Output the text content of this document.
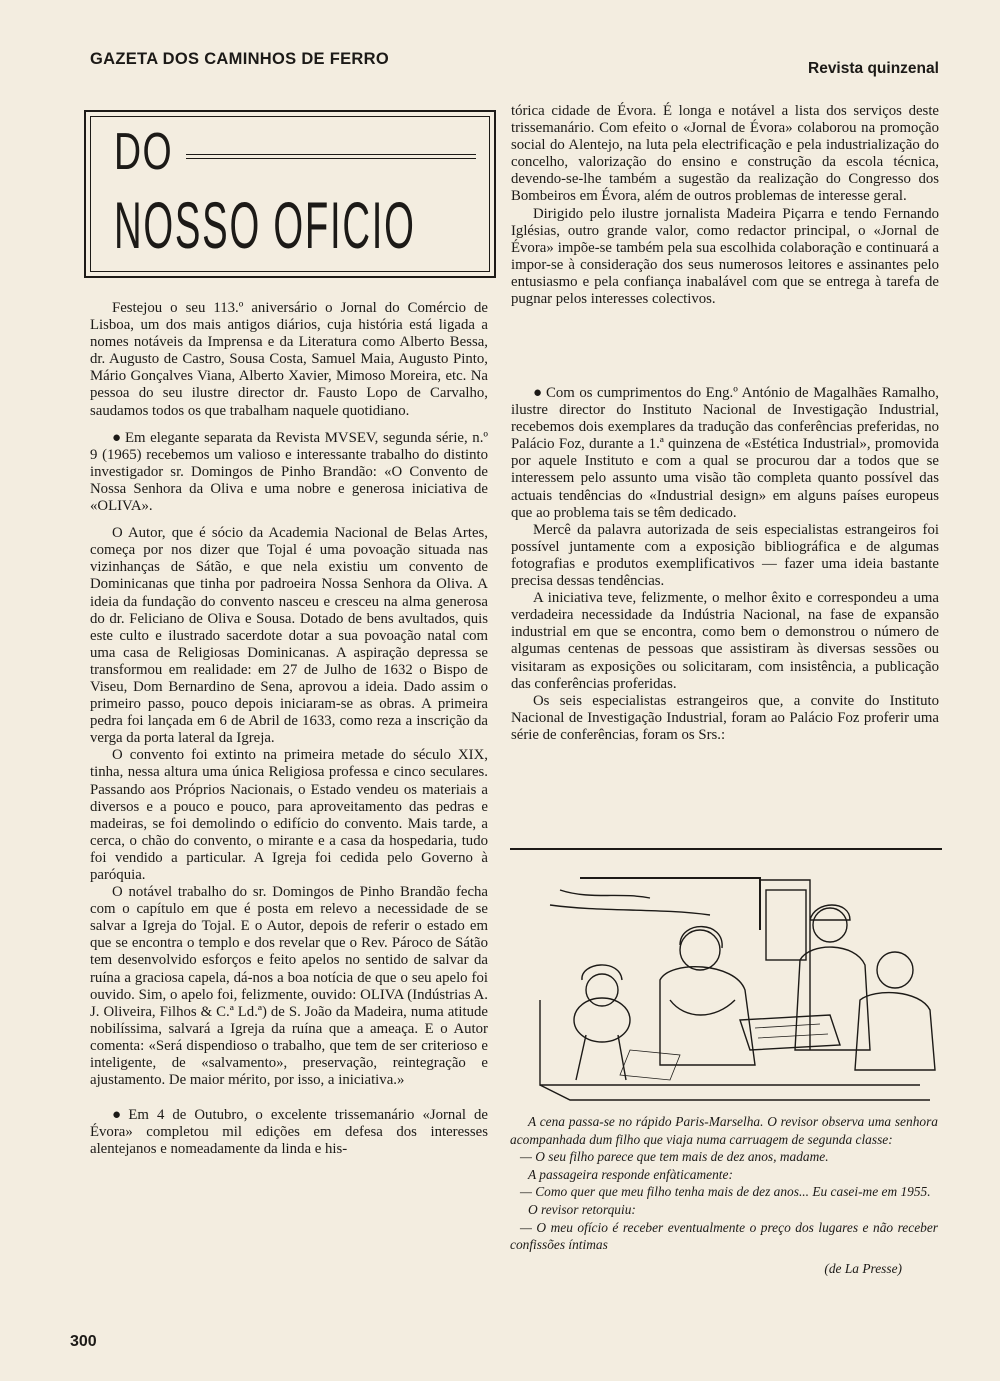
GAZETA DOS CAMINHOS DE FERRO
Revista quinzenal
DO
NOSSO OFICIO

Festejou o seu 113.º aniversário o Jornal do Comércio de Lisboa, um dos mais antigos diários, cuja história está ligada a nomes notáveis da Imprensa e da Literatura como Alberto Bessa, dr. Augusto de Castro, Sousa Costa, Samuel Maia, Augusto Pinto, Mário Gonçalves Viana, Alberto Xavier, Mimoso Moreira, etc. Na pessoa do seu ilustre director dr. Fausto Lopo de Carvalho, saudamos todos os que trabalham naquele quotidiano.

● Em elegante separata da Revista MVSEV, segunda série, n.º 9 (1965) recebemos um valioso e interessante trabalho do distinto investigador sr. Domingos de Pinho Brandão: «O Convento de Nossa Senhora da Oliva e uma nobre e generosa iniciativa de «OLIVA».

O Autor, que é sócio da Academia Nacional de Belas Artes, começa por nos dizer que Tojal é uma povoação situada nas vizinhanças de Sátão, e que nela existiu um convento de Dominicanas que tinha por padroeira Nossa Senhora da Oliva. A ideia da fundação do convento nasceu e cresceu na alma generosa do dr. Feliciano de Oliva e Sousa. Dotado de bens avultados, quis este culto e ilustrado sacerdote dotar a sua povoação natal com uma casa de Religiosas Dominicanas. A aspiração depressa se transformou em realidade: em 27 de Julho de 1632 o Bispo de Viseu, Dom Bernardino de Sena, aprovou a ideia. Dado assim o primeiro passo, pouco depois iniciaram-se as obras. A primeira pedra foi lançada em 6 de Abril de 1633, como reza a inscrição da verga da porta lateral da Igreja.

O convento foi extinto na primeira metade do século XIX, tinha, nessa altura uma única Religiosa professa e cinco seculares. Passando aos Próprios Nacionais, o Estado vendeu os materiais a diversos e a pouco e pouco, para aproveitamento das pedras e madeiras, se foi demolindo o edifício do convento. Mais tarde, a cerca, o chão do convento, o mirante e a casa da hospedaria, tudo foi vendido a particular. A Igreja foi cedida pelo Governo à paróquia.

O notável trabalho do sr. Domingos de Pinho Brandão fecha com o capítulo em que é posta em relevo a necessidade de se salvar a Igreja do Tojal. E o Autor, depois de referir o estado em que se encontra o templo e dos revelar que o Rev. Pároco de Sátão tem desenvolvido esforços e feito apelos no sentido de salvar da ruína a graciosa capela, dá-nos a boa notícia de que o seu apelo foi ouvido. Sim, o apelo foi, felizmente, ouvido: OLIVA (Indústrias A. J. Oliveira, Filhos & C.ª Ld.ª) de S. João da Madeira, numa atitude nobilíssima, salvará a Igreja da ruína que a ameaça. E o Autor comenta: «Será dispendioso o trabalho, que tem de ser criterioso e inteligente, de «salvamento», preservação, reintegração e ajustamento. De maior mérito, por isso, a iniciativa.»

● Em 4 de Outubro, o excelente trissemanário «Jornal de Évora» completou mil edições em defesa dos interesses alentejanos e nomeadamente da linda e his-

tórica cidade de Évora. É longa e notável a lista dos serviços deste trissemanário. Com efeito o «Jornal de Évora» colaborou na promoção social do Alentejo, na luta pela electrificação e pela industrialização do concelho, valorização do ensino e construção da escola técnica, devendo-se-lhe também a sugestão da realização do Congresso dos Bombeiros em Évora, além de outros problemas de interesse geral.

Dirigido pelo ilustre jornalista Madeira Piçarra e tendo Fernando Iglésias, outro grande valor, como redactor principal, o «Jornal de Évora» impõe-se também pela sua escolhida colaboração e continuará a impor-se à consideração dos seus numerosos leitores e assinantes pelo entusiasmo e pela confiança inabalável com que se entrega à tarefa de pugnar pelos interesses colectivos.

● Com os cumprimentos do Eng.º António de Magalhães Ramalho, ilustre director do Instituto Nacional de Investigação Industrial, recebemos dois exemplares da tradução das conferências preferidas, no Palácio Foz, durante a 1.ª quinzena de «Estética Industrial», promovida por aquele Instituto e com a qual se procurou dar a todos que se interessem pelo assunto uma visão tão completa quanto possível das actuais tendências do «Industrial design» em alguns países europeus que ao problema tais se têm dedicado.

Mercê da palavra autorizada de seis especialistas estrangeiros foi possível juntamente com a exposição bibliográfica e de algumas fotografias e produtos exemplificativos — fazer uma ideia bastante precisa dessas tendências.

A iniciativa teve, felizmente, o melhor êxito e correspondeu a uma verdadeira necessidade da Indústria Nacional, na fase de expansão industrial em que se encontra, como bem o demonstrou o número de algumas centenas de pessoas que assistiram às diversas sessões ou visitaram as exposições ou solicitaram, com insistência, a publicação das conferências proferidas.

Os seis especialistas estrangeiros que, a convite do Instituto Nacional de Investigação Industrial, foram ao Palácio Foz proferir uma série de conferências, foram os Srs.:

A cena passa-se no rápido Paris-Marselha. O revisor observa uma senhora acompanhada dum filho que viaja numa carruagem de segunda classe:

— O seu filho parece que tem mais de dez anos, madame.

A passageira responde enfàticamente:

— Como quer que meu filho tenha mais de dez anos... Eu casei-me em 1955.

O revisor retorquiu:

— O meu ofício é receber eventualmente o preço dos lugares e não receber confissões íntimas

(de La Presse)

300
